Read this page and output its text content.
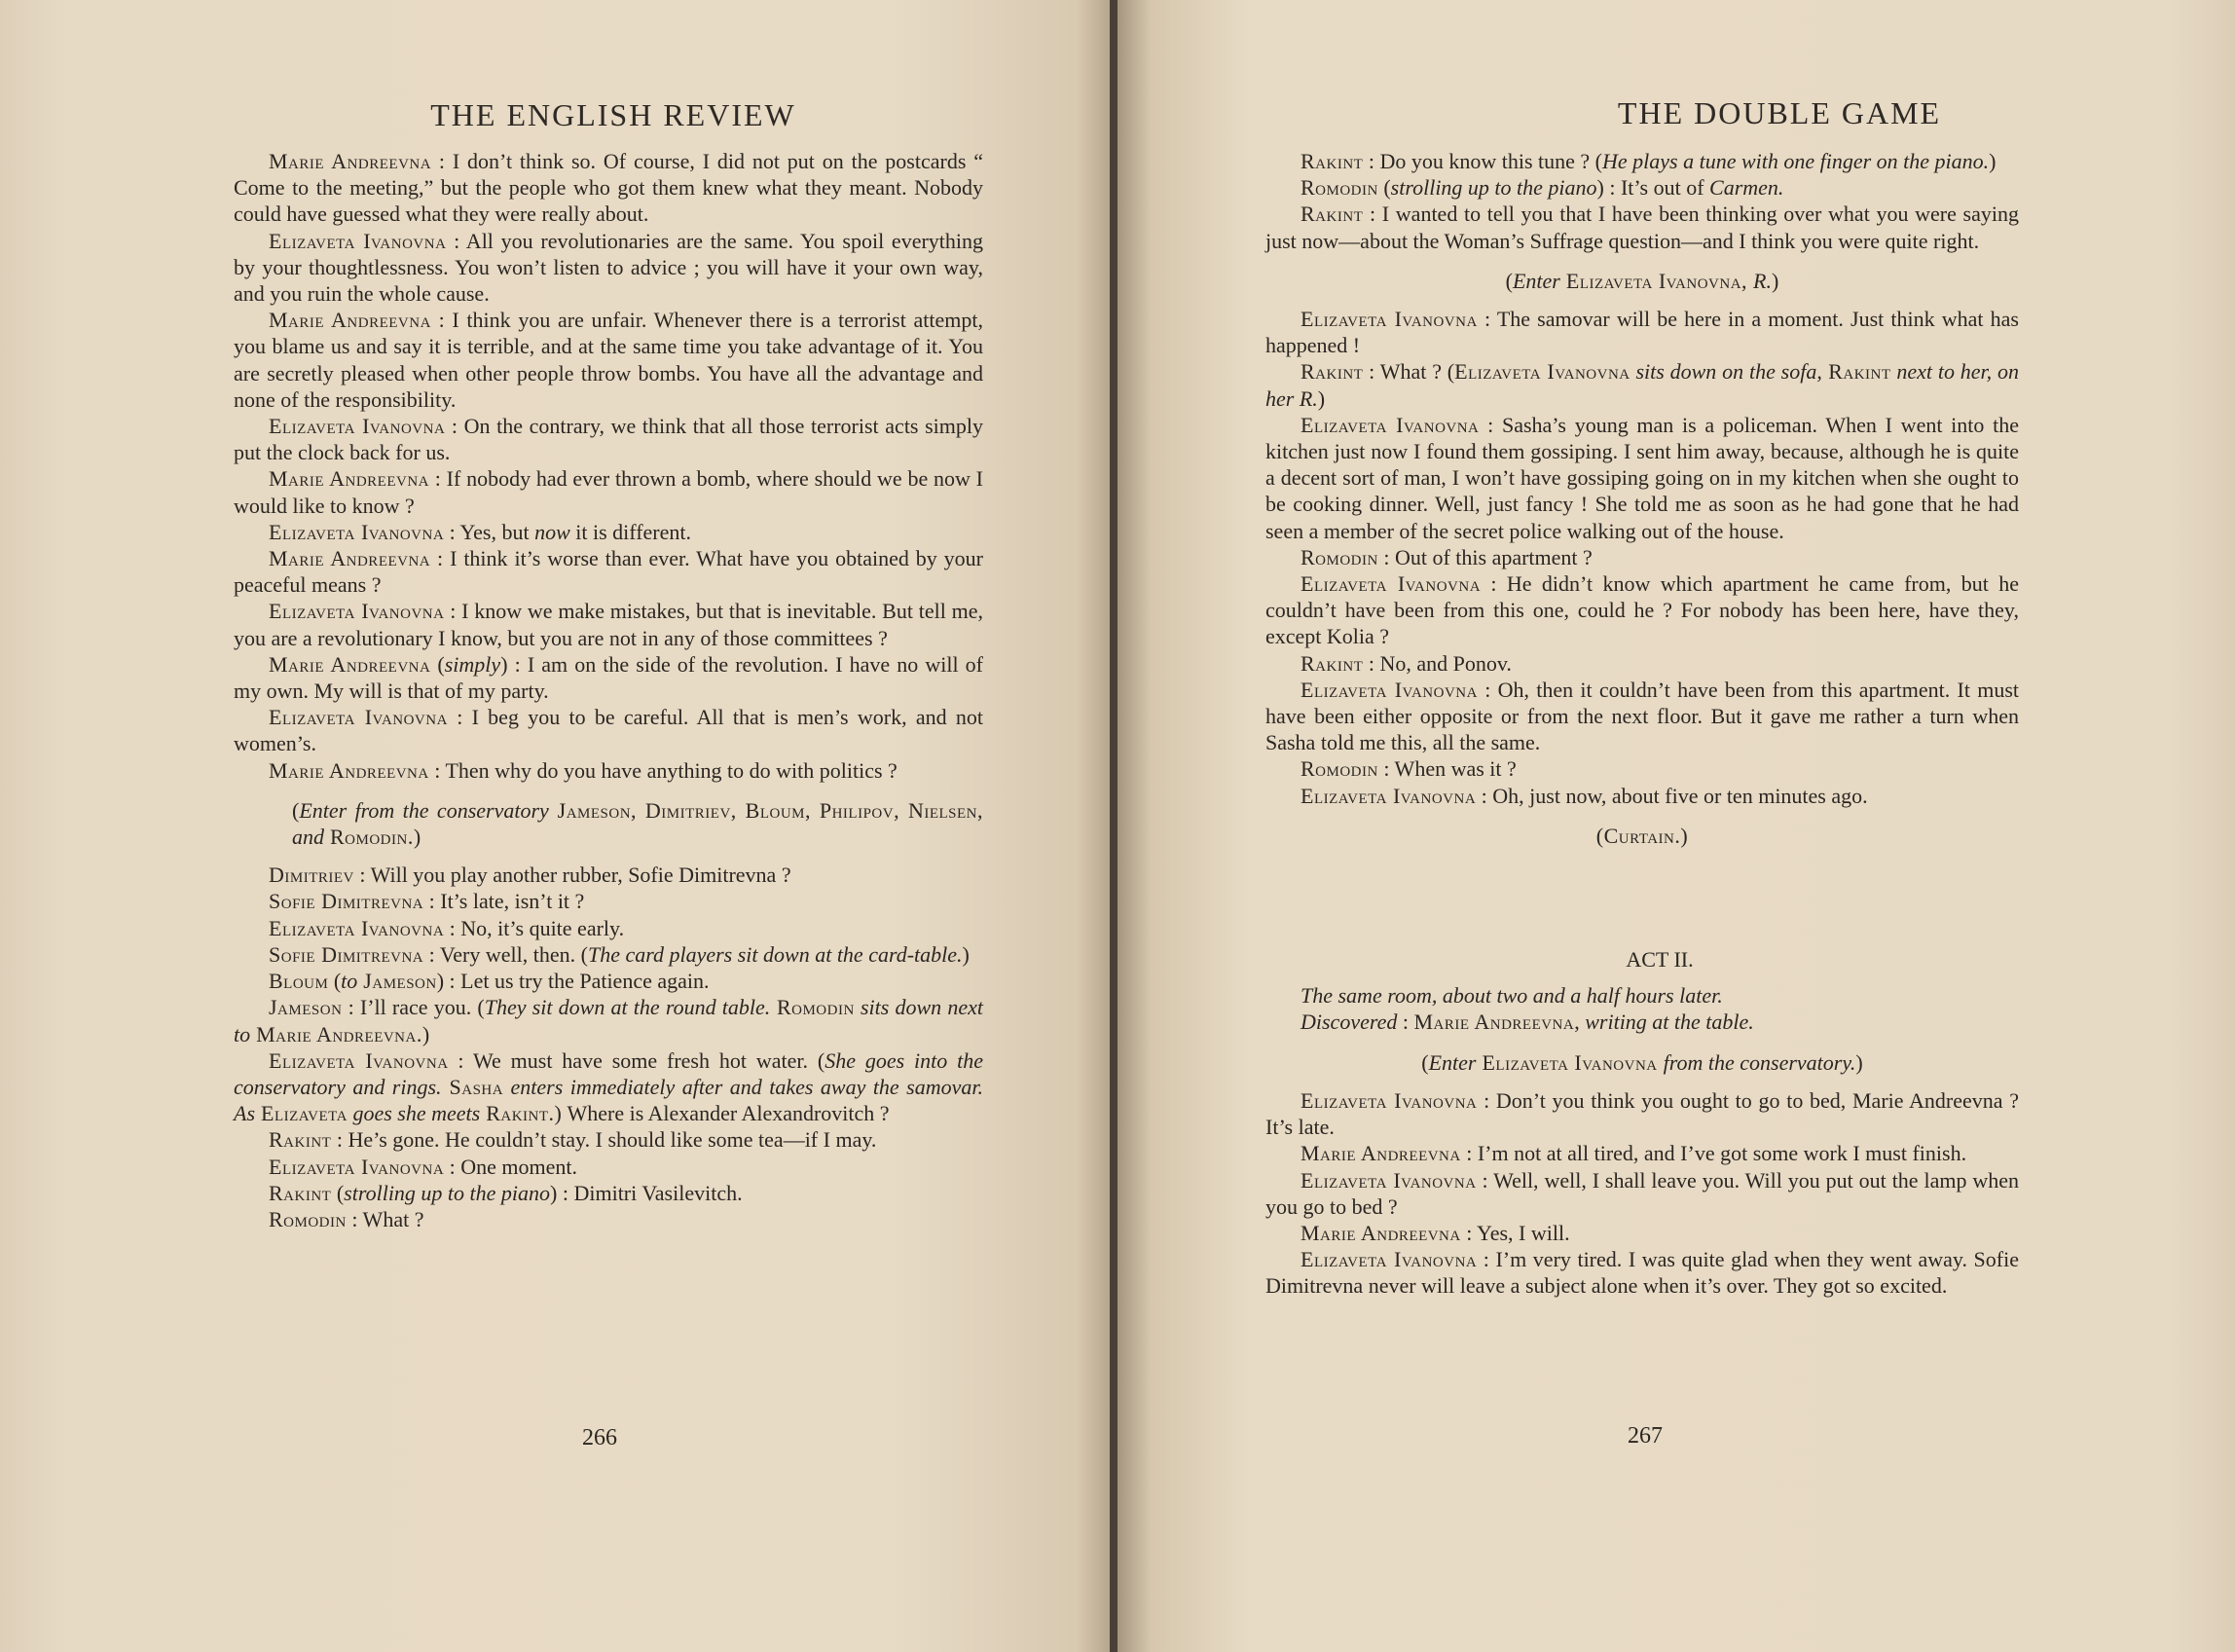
THE ENGLISH REVIEW

Marie Andreevna : I don’t think so. Of course, I did not put on the postcards “ Come to the meeting,” but the people who got them knew what they meant. Nobody could have guessed what they were really about.

Elizaveta Ivanovna : All you revolutionaries are the same. You spoil everything by your thoughtlessness. You won’t listen to advice ; you will have it your own way, and you ruin the whole cause.

Marie Andreevna : I think you are unfair. Whenever there is a terrorist attempt, you blame us and say it is terrible, and at the same time you take advantage of it. You are secretly pleased when other people throw bombs. You have all the advantage and none of the responsibility.

Elizaveta Ivanovna : On the contrary, we think that all those terrorist acts simply put the clock back for us.

Marie Andreevna : If nobody had ever thrown a bomb, where should we be now I would like to know ?

Elizaveta Ivanovna : Yes, but now it is different.

Marie Andreevna : I think it’s worse than ever. What have you obtained by your peaceful means ?

Elizaveta Ivanovna : I know we make mistakes, but that is inevitable. But tell me, you are a revolutionary I know, but you are not in any of those committees ?

Marie Andreevna (simply) : I am on the side of the revolution. I have no will of my own. My will is that of my party.

Elizaveta Ivanovna : I beg you to be careful. All that is men’s work, and not women’s.

Marie Andreevna : Then why do you have anything to do with politics ?

(Enter from the conservatory Jameson, Dimitriev, Bloum, Philipov, Nielsen, and Romodin.)

Dimitriev : Will you play another rubber, Sofie Dimitrevna ?

Sofie Dimitrevna : It’s late, isn’t it ?

Elizaveta Ivanovna : No, it’s quite early.

Sofie Dimitrevna : Very well, then. (The card players sit down at the card-table.)

Bloum (to Jameson) : Let us try the Patience again.

Jameson : I’ll race you. (They sit down at the round table. Romodin sits down next to Marie Andreevna.)

Elizaveta Ivanovna : We must have some fresh hot water. (She goes into the conservatory and rings. Sasha enters immediately after and takes away the samovar. As Elizaveta goes she meets Rakint.) Where is Alexander Alexandrovitch ?

Rakint : He’s gone. He couldn’t stay. I should like some tea—if I may.

Elizaveta Ivanovna : One moment.

Rakint (strolling up to the piano) : Dimitri Vasilevitch.

Romodin : What ?

266
THE DOUBLE GAME

Rakint : Do you know this tune ? (He plays a tune with one finger on the piano.)

Romodin (strolling up to the piano) : It’s out of Carmen.

Rakint : I wanted to tell you that I have been thinking over what you were saying just now—about the Woman’s Suffrage question—and I think you were quite right.

(Enter Elizaveta Ivanovna, R.)

Elizaveta Ivanovna : The samovar will be here in a moment. Just think what has happened !

Rakint : What ? (Elizaveta Ivanovna sits down on the sofa, Rakint next to her, on her R.)

Elizaveta Ivanovna : Sasha’s young man is a policeman. When I went into the kitchen just now I found them gossiping. I sent him away, because, although he is quite a decent sort of man, I won’t have gossiping going on in my kitchen when she ought to be cooking dinner. Well, just fancy ! She told me as soon as he had gone that he had seen a member of the secret police walking out of the house.

Romodin : Out of this apartment ?

Elizaveta Ivanovna : He didn’t know which apartment he came from, but he couldn’t have been from this one, could he ? For nobody has been here, have they, except Kolia ?

Rakint : No, and Ponov.

Elizaveta Ivanovna : Oh, then it couldn’t have been from this apartment. It must have been either opposite or from the next floor. But it gave me rather a turn when Sasha told me this, all the same.

Romodin : When was it ?

Elizaveta Ivanovna : Oh, just now, about five or ten minutes ago.

(Curtain.)

ACT II.

The same room, about two and a half hours later.

Discovered : Marie Andreevna, writing at the table.

(Enter Elizaveta Ivanovna from the conservatory.)

Elizaveta Ivanovna : Don’t you think you ought to go to bed, Marie Andreevna ? It’s late.

Marie Andreevna : I’m not at all tired, and I’ve got some work I must finish.

Elizaveta Ivanovna : Well, well, I shall leave you. Will you put out the lamp when you go to bed ?

Marie Andreevna : Yes, I will.

Elizaveta Ivanovna : I’m very tired. I was quite glad when they went away. Sofie Dimitrevna never will leave a subject alone when it’s over. They got so excited.

267
